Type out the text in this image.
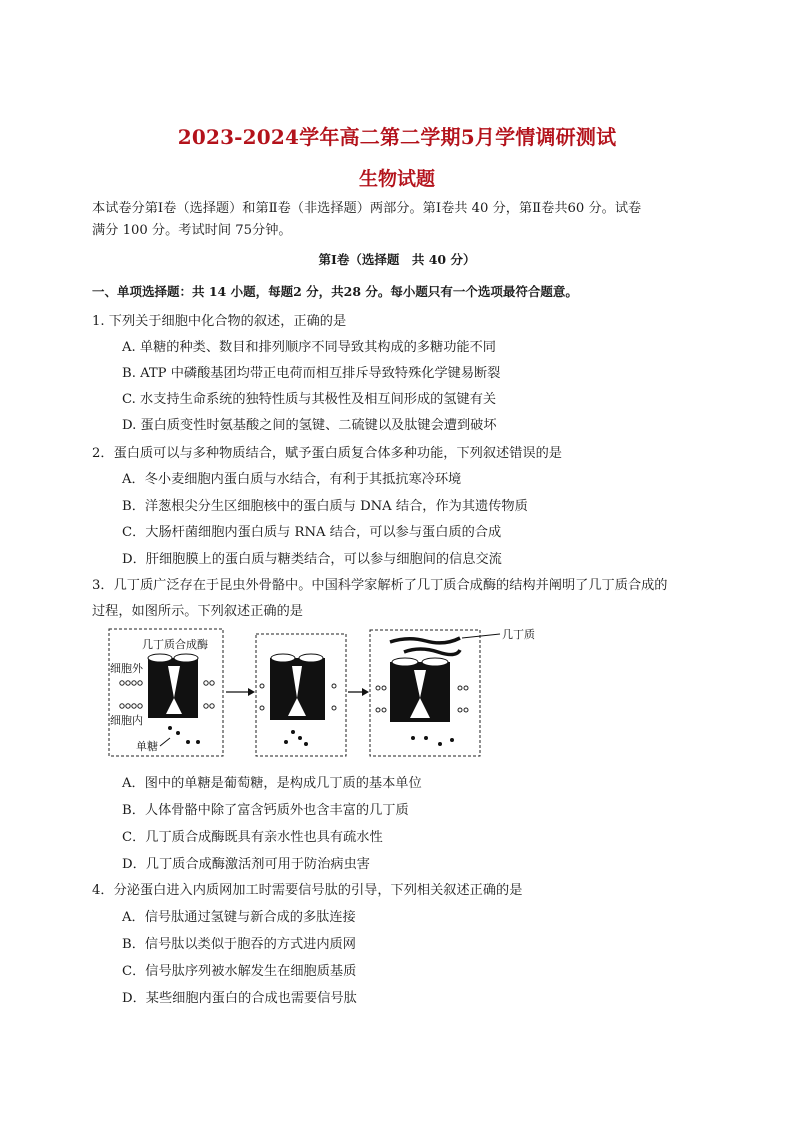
2023-2024学年高二第二学期5月学情调研测试
生物试题
本试卷分第Ⅰ卷（选择题）和第Ⅱ卷（非选择题）两部分。第Ⅰ卷共 40 分，第Ⅱ卷共60 分。试卷
满分 100 分。考试时间 75分钟。
第Ⅰ卷（选择题　共 40 分）
一、单项选择题：共 14 小题，每题2 分，共28 分。每小题只有一个选项最符合题意。
1. 下列关于细胞中化合物的叙述，正确的是
A. 单糖的种类、数目和排列顺序不同导致其构成的多糖功能不同
B. ATP 中磷酸基团均带正电荷而相互排斥导致特殊化学键易断裂
C. 水支持生命系统的独特性质与其极性及相互间形成的氢键有关
D. 蛋白质变性时氨基酸之间的氢键、二硫键以及肽键会遭到破坏
2．蛋白质可以与多种物质结合，赋予蛋白质复合体多种功能，下列叙述错误的是
A．冬小麦细胞内蛋白质与水结合，有利于其抵抗寒冷环境
B．洋葱根尖分生区细胞核中的蛋白质与 DNA 结合，作为其遗传物质
C．大肠杆菌细胞内蛋白质与 RNA 结合，可以参与蛋白质的合成
D．肝细胞膜上的蛋白质与糖类结合，可以参与细胞间的信息交流
3．几丁质广泛存在于昆虫外骨骼中。中国科学家解析了几丁质合成酶的结构并阐明了几丁质合成的
过程，如图所示。下列叙述正确的是
几丁质合成酶
细胞外
细胞内
单糖
几丁质
A．图中的单糖是葡萄糖，是构成几丁质的基本单位
B．人体骨骼中除了富含钙质外也含丰富的几丁质
C．几丁质合成酶既具有亲水性也具有疏水性
D．几丁质合成酶激活剂可用于防治病虫害
4．分泌蛋白进入内质网加工时需要信号肽的引导，下列相关叙述正确的是
A．信号肽通过氢键与新合成的多肽连接
B．信号肽以类似于胞吞的方式进内质网
C．信号肽序列被水解发生在细胞质基质
D．某些细胞内蛋白的合成也需要信号肽
